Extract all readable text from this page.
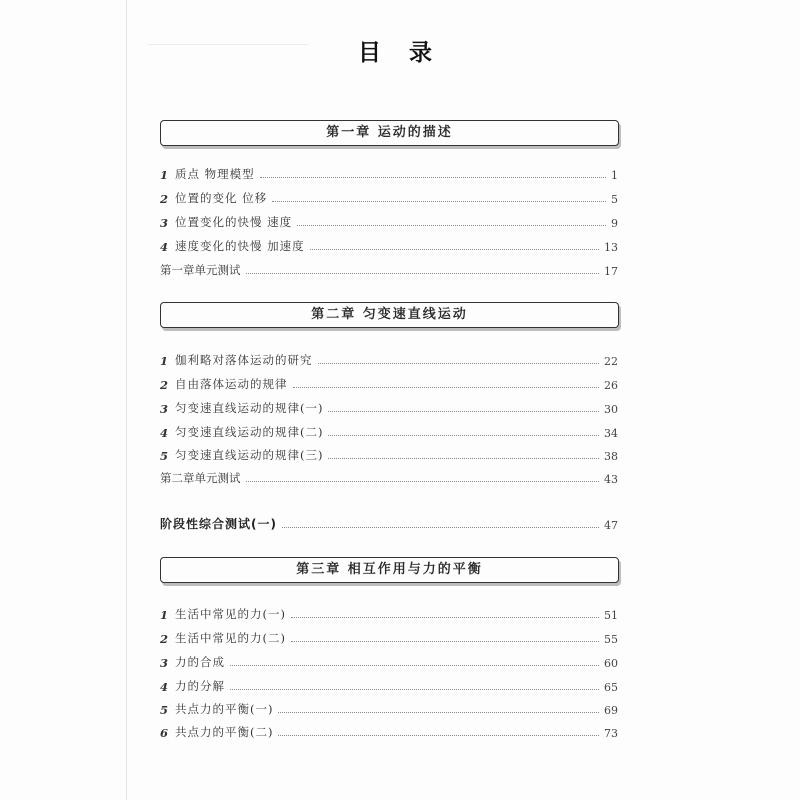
目 录
第一章 运动的描述
1 质点 物理模型	1
2 位置的变化 位移	5
3 位置变化的快慢 速度	9
4 速度变化的快慢 加速度	13
第一章单元测试	17
第二章 匀变速直线运动
1 伽利略对落体运动的研究	22
2 自由落体运动的规律	26
3 匀变速直线运动的规律(一)	30
4 匀变速直线运动的规律(二)	34
5 匀变速直线运动的规律(三)	38
第二章单元测试	43
阶段性综合测试(一)	47
第三章 相互作用与力的平衡
1 生活中常见的力(一)	51
2 生活中常见的力(二)	55
3 力的合成	60
4 力的分解	65
5 共点力的平衡(一)	69
6 共点力的平衡(二)	73
